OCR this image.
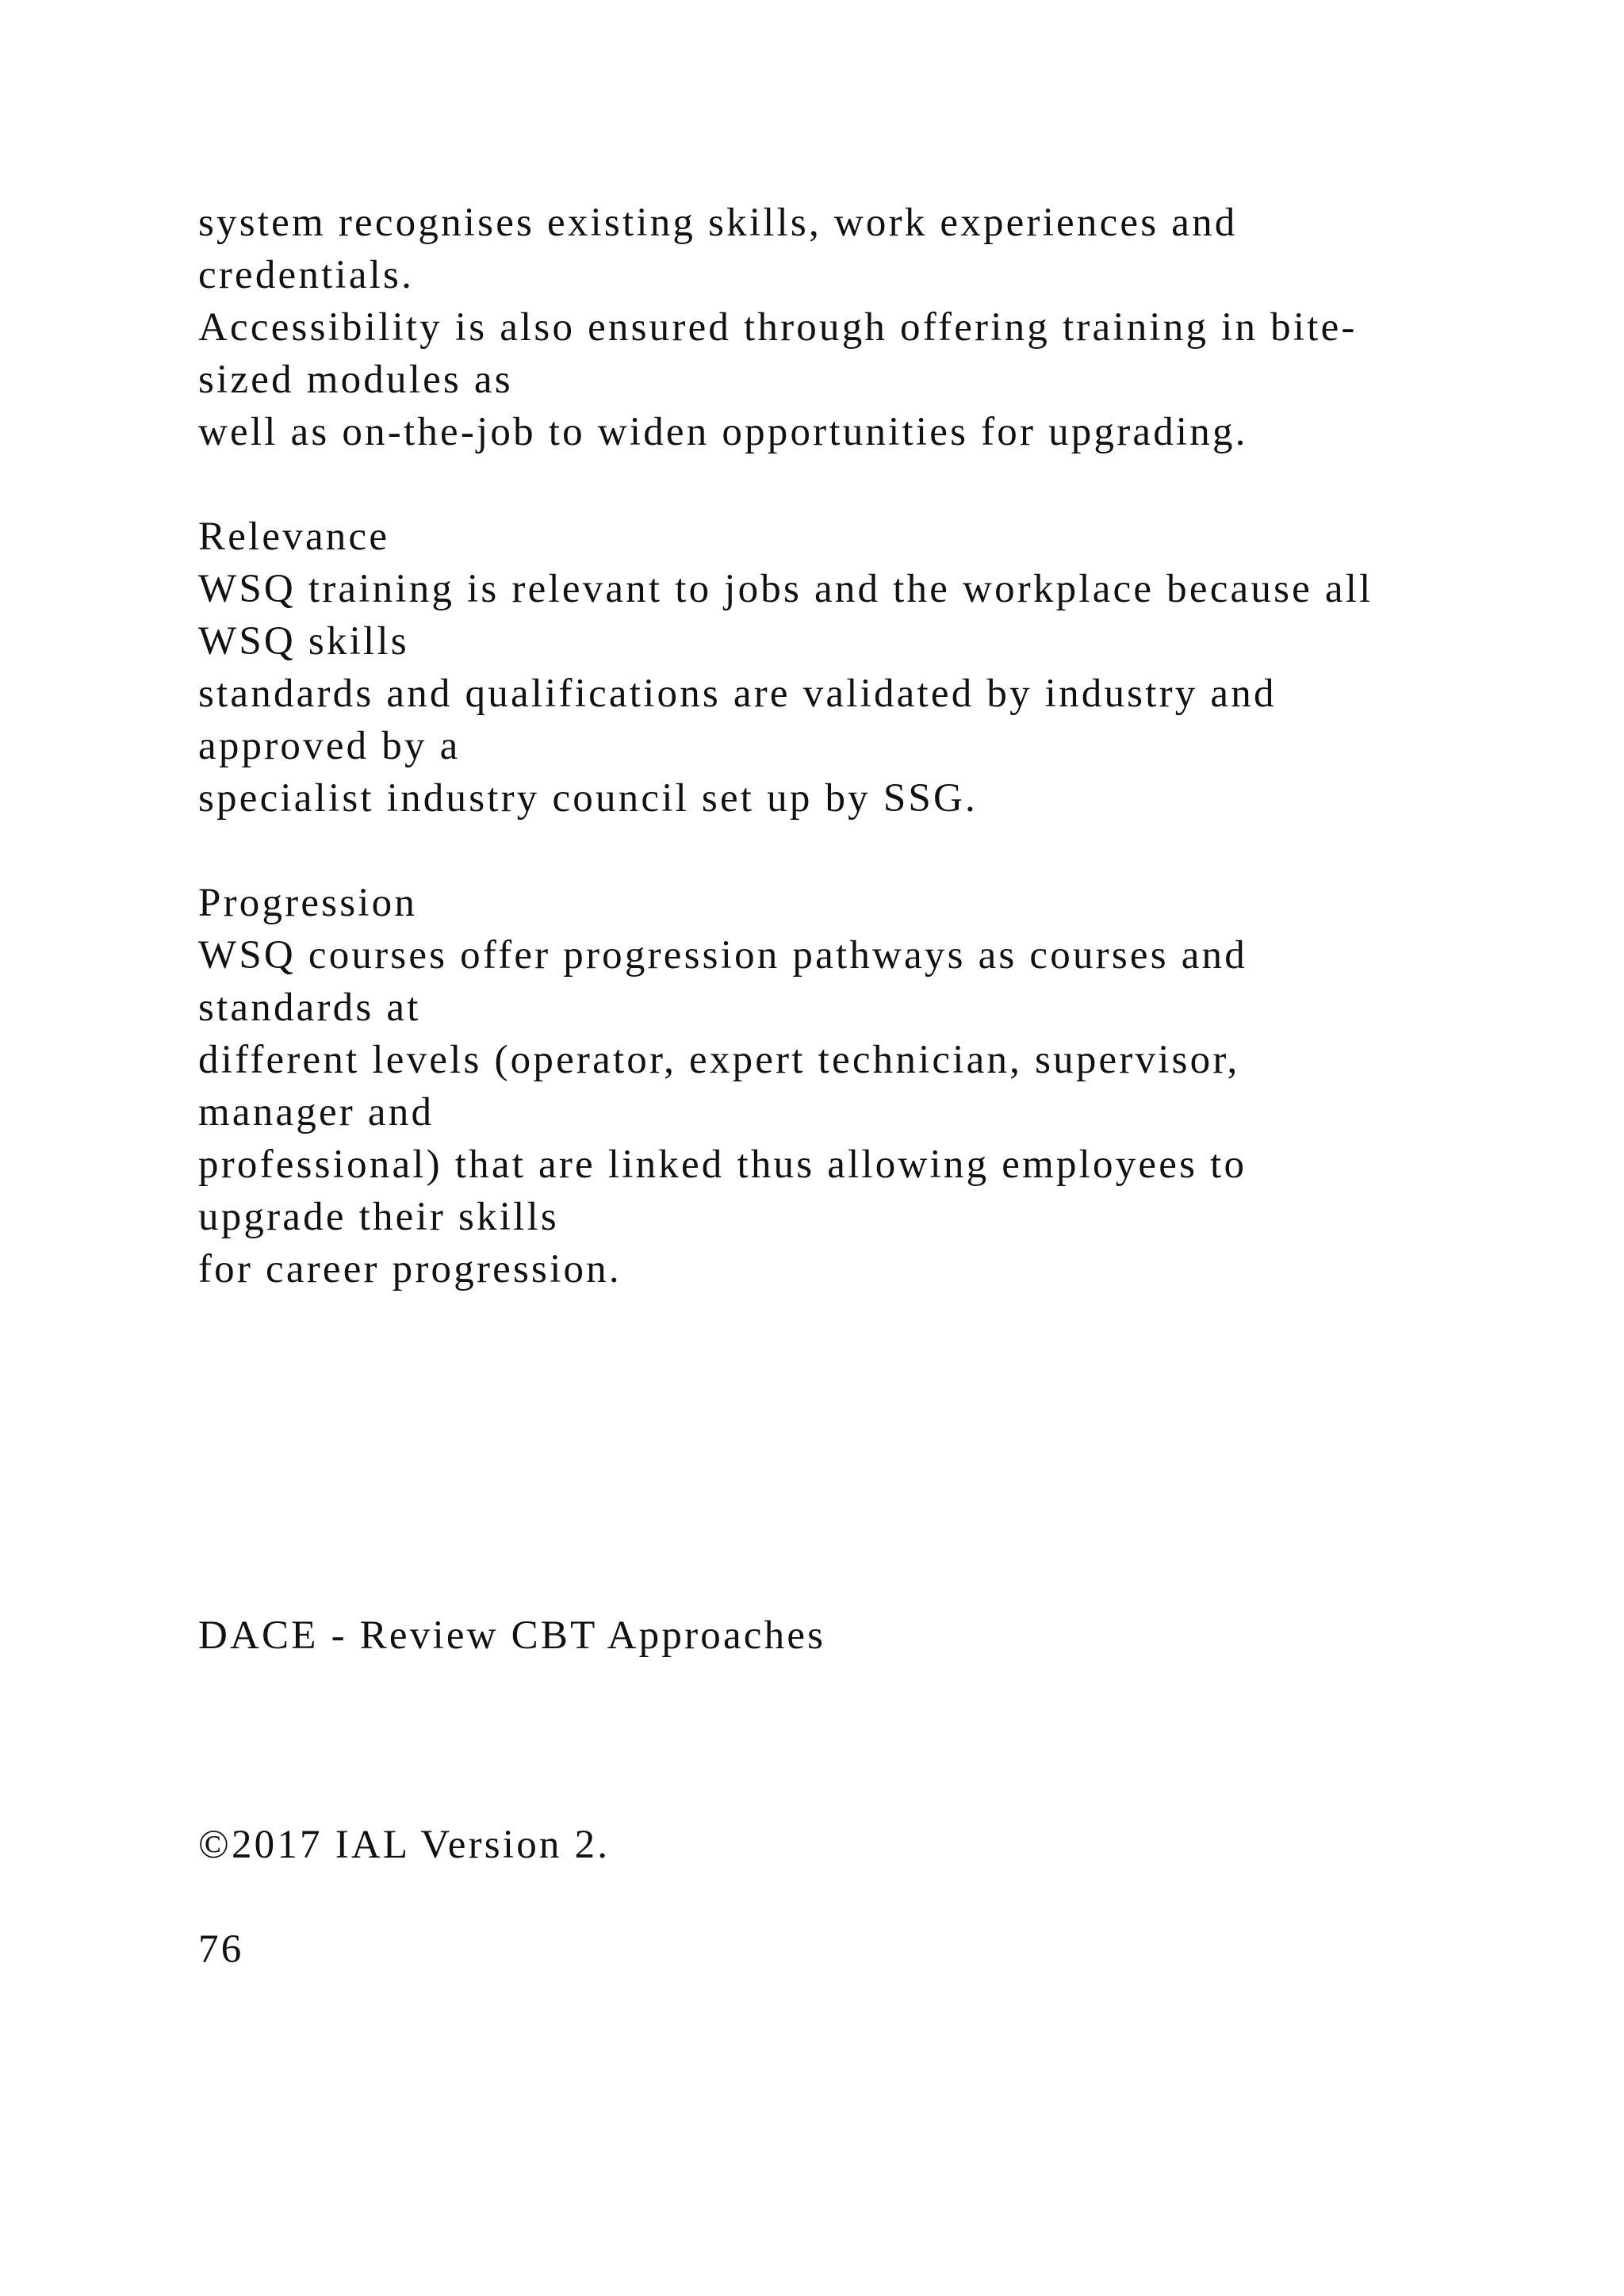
system recognises existing skills, work experiences and

credentials.

Accessibility is also ensured through offering training in bite-

sized modules as

well as on-the-job to widen opportunities for upgrading.

Relevance

WSQ training is relevant to jobs and the workplace because all

WSQ skills

standards and qualifications are validated by industry and

approved by a

specialist industry council set up by SSG.

Progression

WSQ courses offer progression pathways as courses and

standards at

different levels (operator, expert technician, supervisor,

manager and

professional) that are linked thus allowing employees to

upgrade their skills

for career progression.

DACE - Review CBT Approaches

©2017 IAL Version 2.

76
